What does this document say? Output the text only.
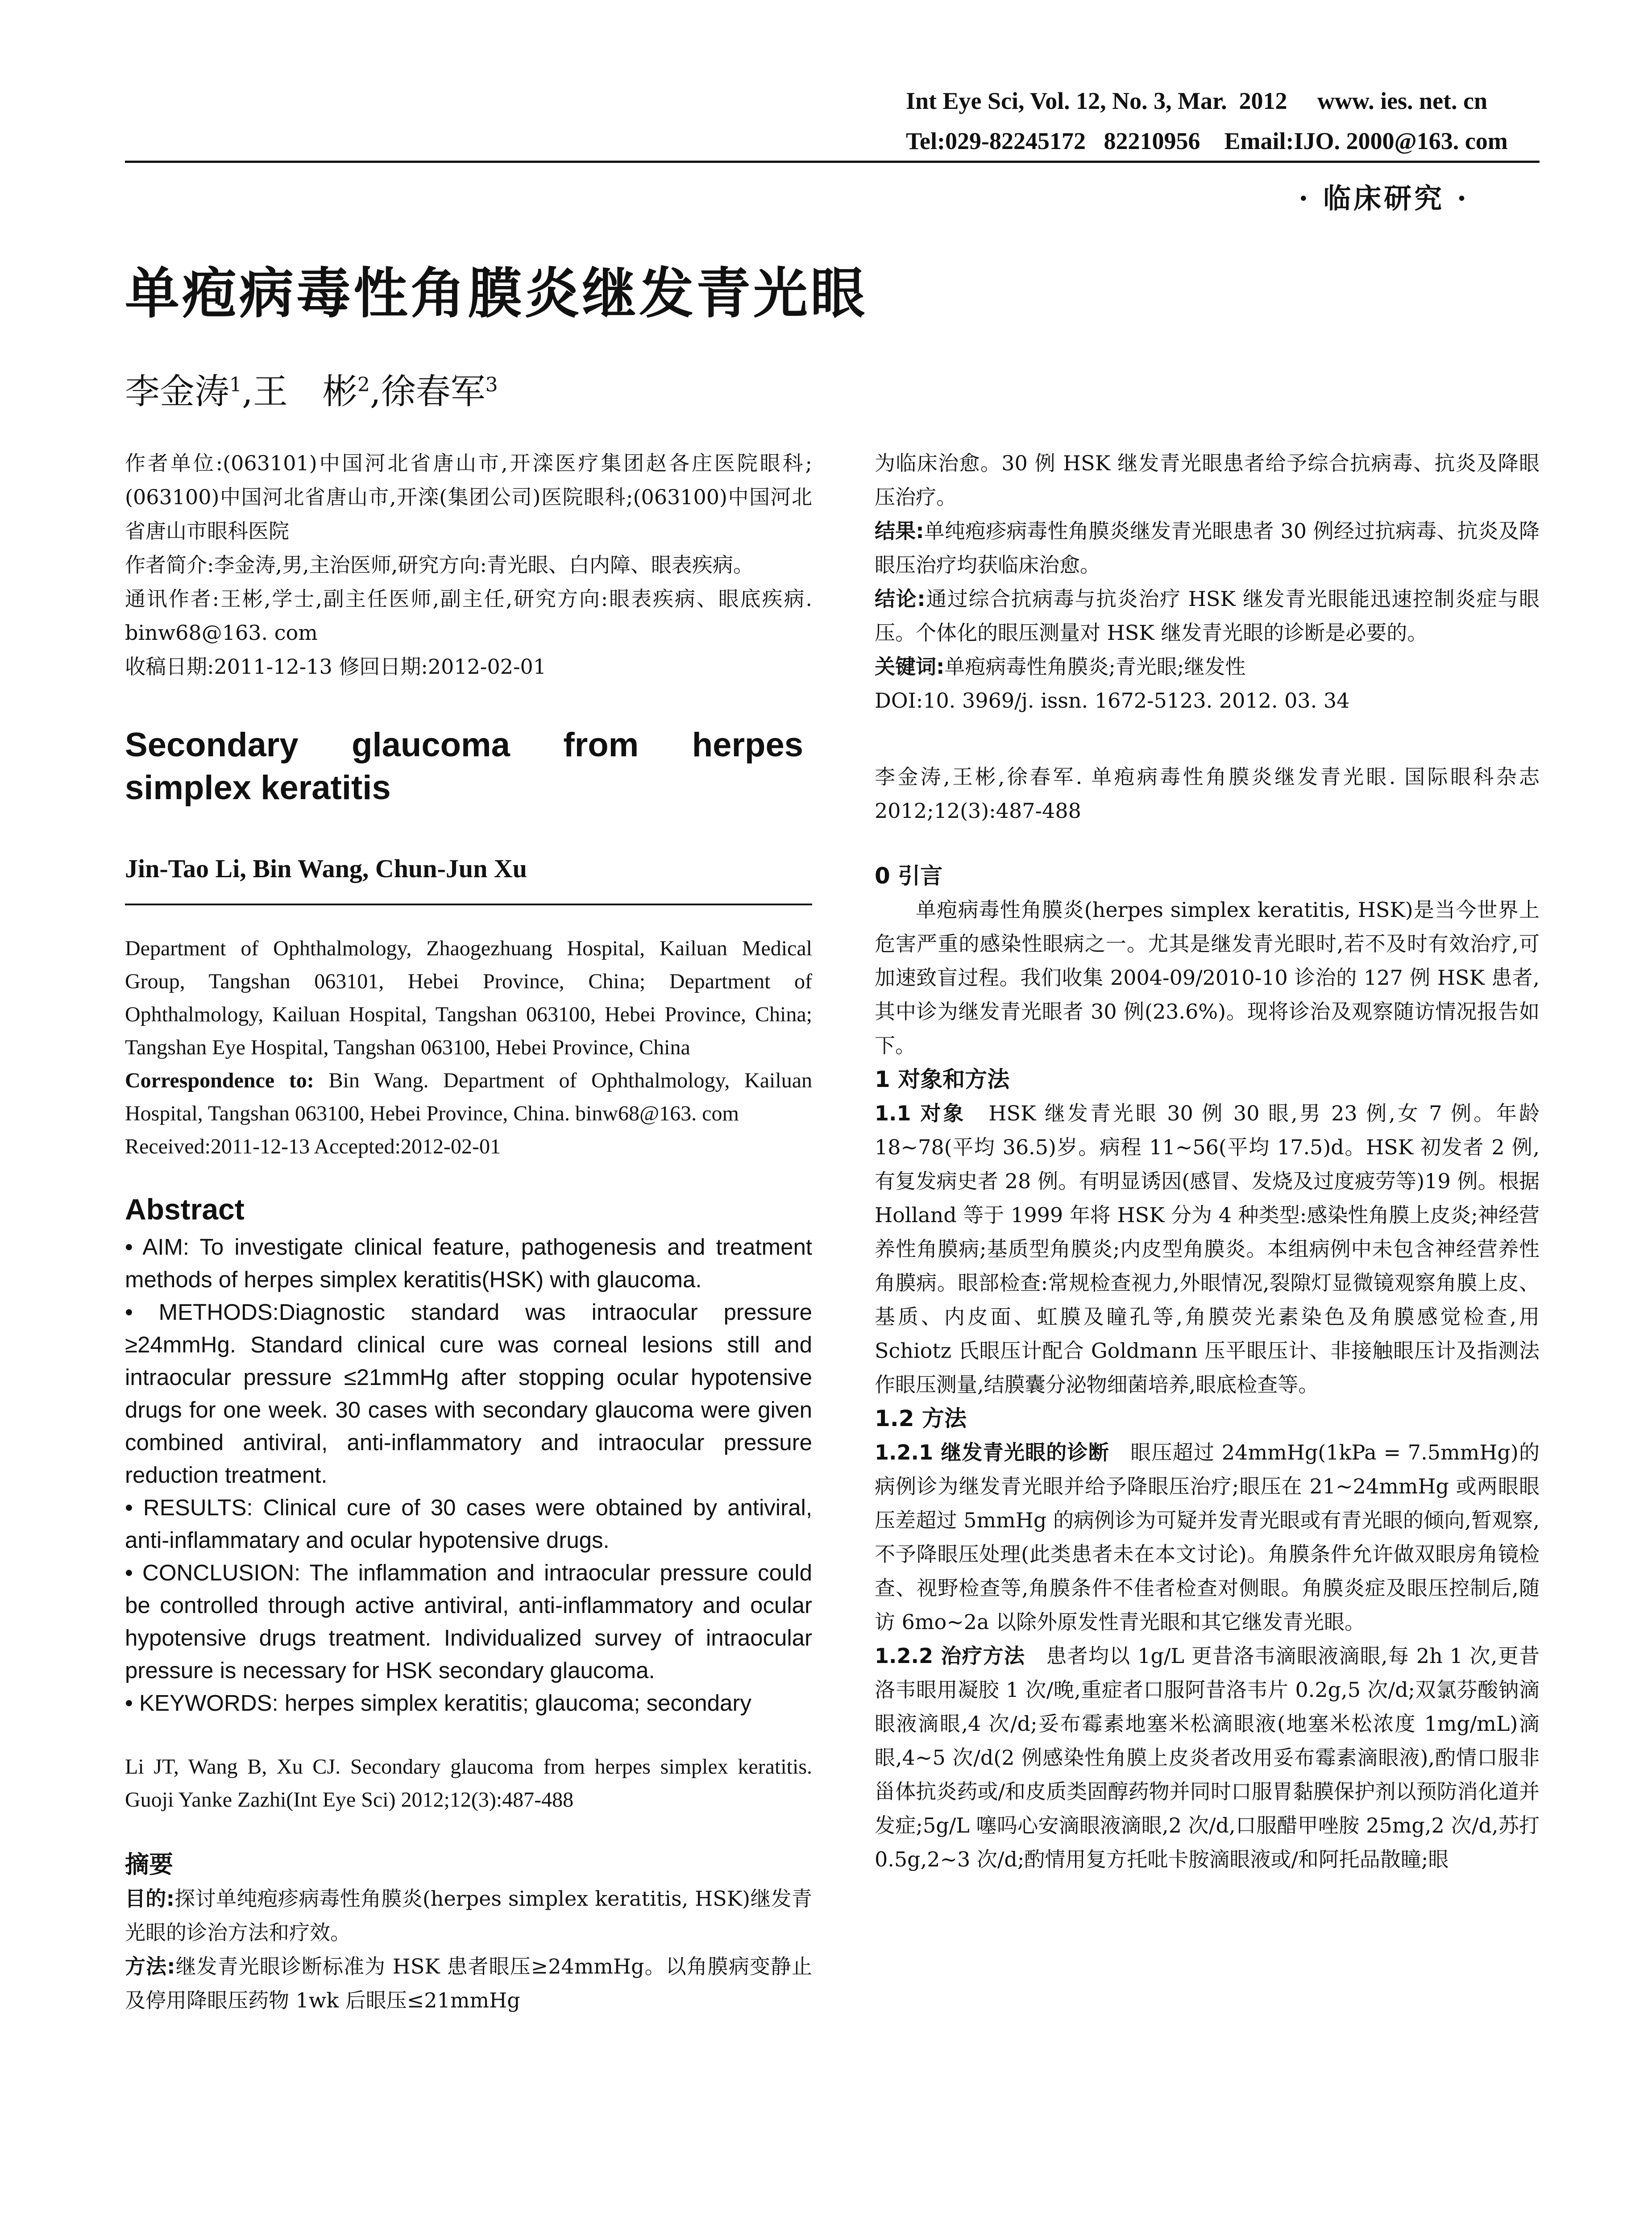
Int Eye Sci, Vol. 12, No. 3, Mar.  2012     www. ies. net. cn
Tel:029-82245172   82210956    Email:IJO. 2000@163. com
· 临床研究 ·
单疱病毒性角膜炎继发青光眼
李金涛$^1$,王　彬$^2$,徐春军$^3$

作者单位:(063101)中国河北省唐山市,开滦医疗集团赵各庄医院眼科;(063100)中国河北省唐山市,开滦(集团公司)医院眼科;(063100)中国河北省唐山市眼科医院

作者简介:李金涛,男,主治医师,研究方向:青光眼、白内障、眼表疾病。

通讯作者:王彬,学士,副主任医师,副主任,研究方向:眼表疾病、眼底疾病. binw68@163. com

收稿日期:2011-12-13 修回日期:2012-02-01

Secondary glaucoma from herpes simplex keratitis
Jin-Tao Li, Bin Wang, Chun-Jun Xu
Department of Ophthalmology, Zhaogezhuang Hospital, Kailuan Medical Group, Tangshan 063101, Hebei Province, China; Department of Ophthalmology, Kailuan Hospital, Tangshan 063100, Hebei Province, China; Tangshan Eye Hospital, Tangshan 063100, Hebei Province, China
Correspondence to: Bin Wang. Department of Ophthalmology, Kailuan Hospital, Tangshan 063100, Hebei Province, China. binw68@163. com
Received:2011-12-13 Accepted:2012-02-01
Abstract

• AIM: To investigate clinical feature, pathogenesis and treatment methods of herpes simplex keratitis(HSK) with glaucoma.

• METHODS:Diagnostic standard was intraocular pressure ≥24mmHg. Standard clinical cure was corneal lesions still and intraocular pressure ≤21mmHg after stopping ocular hypotensive drugs for one week. 30 cases with secondary glaucoma were given combined antiviral, anti-inflammatory and intraocular pressure reduction treatment.

• RESULTS: Clinical cure of 30 cases were obtained by antiviral, anti-inflammatary and ocular hypotensive drugs.

• CONCLUSION: The inflammation and intraocular pressure could be controlled through active antiviral, anti-inflammatory and ocular hypotensive drugs treatment. Individualized survey of intraocular pressure is necessary for HSK secondary glaucoma.

• KEYWORDS: herpes simplex keratitis; glaucoma; secondary

Li JT, Wang B, Xu CJ. Secondary glaucoma from herpes simplex keratitis. Guoji Yanke Zazhi(Int Eye Sci) 2012;12(3):487-488
摘要

目的:探讨单纯疱疹病毒性角膜炎(herpes simplex keratitis, HSK)继发青光眼的诊治方法和疗效。

方法:继发青光眼诊断标准为 HSK 患者眼压≥24mmHg。以角膜病变静止及停用降眼压药物 1wk 后眼压≤21mmHg

为临床治愈。30 例 HSK 继发青光眼患者给予综合抗病毒、抗炎及降眼压治疗。

结果:单纯疱疹病毒性角膜炎继发青光眼患者 30 例经过抗病毒、抗炎及降眼压治疗均获临床治愈。

结论:通过综合抗病毒与抗炎治疗 HSK 继发青光眼能迅速控制炎症与眼压。个体化的眼压测量对 HSK 继发青光眼的诊断是必要的。

关键词:单疱病毒性角膜炎;青光眼;继发性

DOI:10. 3969/j. issn. 1672-5123. 2012. 03. 34

李金涛,王彬,徐春军. 单疱病毒性角膜炎继发青光眼. 国际眼科杂志 2012;12(3):487-488

0 引言

单疱病毒性角膜炎(herpes simplex keratitis, HSK)是当今世界上危害严重的感染性眼病之一。尤其是继发青光眼时,若不及时有效治疗,可加速致盲过程。我们收集 2004-09/2010-10 诊治的 127 例 HSK 患者,其中诊为继发青光眼者 30 例(23.6%)。现将诊治及观察随访情况报告如下。

1 对象和方法

1.1 对象　 HSK 继发青光眼 30 例 30 眼,男 23 例,女 7 例。年龄 18~78(平均 36.5)岁。病程 11~56(平均 17.5)d。HSK 初发者 2 例,有复发病史者 28 例。有明显诱因(感冒、发烧及过度疲劳等)19 例。根据 Holland 等于 1999 年将 HSK 分为 4 种类型:感染性角膜上皮炎;神经营养性角膜病;基质型角膜炎;内皮型角膜炎。本组病例中未包含神经营养性角膜病。眼部检查:常规检查视力,外眼情况,裂隙灯显微镜观察角膜上皮、基质、内皮面、虹膜及瞳孔等,角膜荧光素染色及角膜感觉检查,用 Schiotz 氏眼压计配合 Goldmann 压平眼压计、非接触眼压计及指测法作眼压测量,结膜囊分泌物细菌培养,眼底检查等。

1.2 方法

1.2.1 继发青光眼的诊断　 眼压超过 24mmHg(1kPa = 7.5mmHg)的病例诊为继发青光眼并给予降眼压治疗;眼压在 21~24mmHg 或两眼眼压差超过 5mmHg 的病例诊为可疑并发青光眼或有青光眼的倾向,暂观察,不予降眼压处理(此类患者未在本文讨论)。角膜条件允许做双眼房角镜检查、视野检查等,角膜条件不佳者检查对侧眼。角膜炎症及眼压控制后,随访 6mo~2a 以除外原发性青光眼和其它继发青光眼。

1.2.2 治疗方法　 患者均以 1g/L 更昔洛韦滴眼液滴眼,每 2h 1 次,更昔洛韦眼用凝胶 1 次/晚,重症者口服阿昔洛韦片 0.2g,5 次/d;双氯芬酸钠滴眼液滴眼,4 次/d;妥布霉素地塞米松滴眼液(地塞米松浓度 1mg/mL)滴眼,4~5 次/d(2 例感染性角膜上皮炎者改用妥布霉素滴眼液),酌情口服非甾体抗炎药或/和皮质类固醇药物并同时口服胃黏膜保护剂以预防消化道并发症;5g/L 噻吗心安滴眼液滴眼,2 次/d,口服醋甲唑胺 25mg,2 次/d,苏打 0.5g,2~3 次/d;酌情用复方托吡卡胺滴眼液或/和阿托品散瞳;眼
